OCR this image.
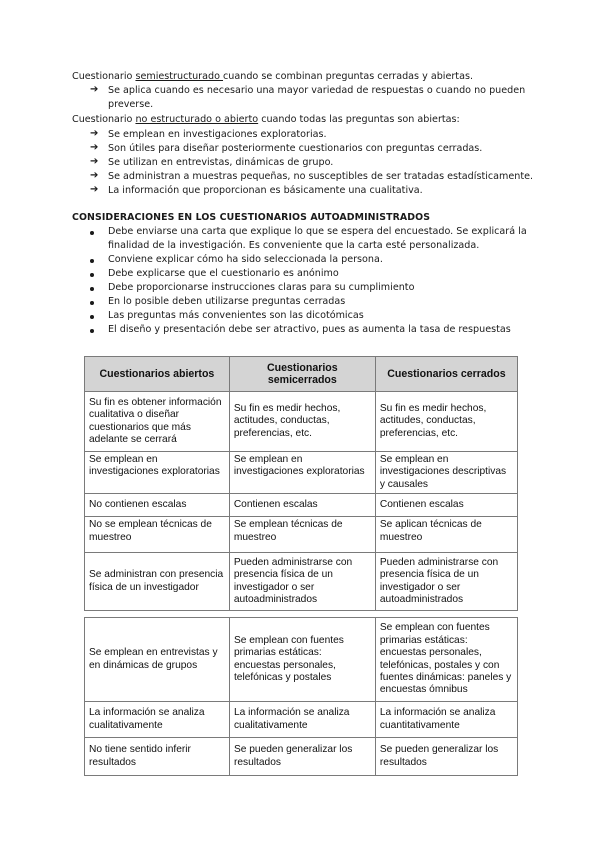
Cuestionario semiestructurado cuando se combinan preguntas cerradas y abiertas.
➔ Se aplica cuando es necesario una mayor variedad de respuestas o cuando no pueden
preverse.
Cuestionario no estructurado o abierto cuando todas las preguntas son abiertas:
➔ Se emplean en investigaciones exploratorias.
➔ Son útiles para diseñar posteriormente cuestionarios con preguntas cerradas.
➔ Se utilizan en entrevistas, dinámicas de grupo.
➔ Se administran a muestras pequeñas, no susceptibles de ser tratadas estadísticamente.
➔ La información que proporcionan es básicamente una cualitativa.
CONSIDERACIONES EN LOS CUESTIONARIOS AUTOADMINISTRADOS
Debe enviarse una carta que explique lo que se espera del encuestado. Se explicará la
finalidad de la investigación. Es conveniente que la carta esté personalizada.
Conviene explicar cómo ha sido seleccionada la persona.
Debe explicarse que el cuestionario es anónimo
Debe proporcionarse instrucciones claras para su cumplimiento
En lo posible deben utilizarse preguntas cerradas
Las preguntas más convenientes son las dicotómicas
El diseño y presentación debe ser atractivo, pues as aumenta la tasa de respuestas
Cuestionarios abiertos	Cuestionarios semicerrados	Cuestionarios cerrados
Su fin es obtener información cualitativa o diseñar cuestionarios que más adelante se cerrará	Su fin es medir hechos, actitudes, conductas, preferencias, etc.	Su fin es medir hechos, actitudes, conductas, preferencias, etc.
Se emplean en investigaciones exploratorias	Se emplean en investigaciones exploratorias	Se emplean en investigaciones descriptivas y causales
No contienen escalas	Contienen escalas	Contienen escalas
No se emplean técnicas de muestreo	Se emplean técnicas de muestreo	Se aplican técnicas de muestreo
Se administran con presencia física de un investigador	Pueden administrarse con presencia física de un investigador o ser autoadministrados	Pueden administrarse con presencia física de un investigador o ser autoadministrados
Se emplean en entrevistas y en dinámicas de grupos	Se emplean con fuentes primarias estáticas: encuestas personales, telefónicas y postales	Se emplean con fuentes primarias estáticas: encuestas personales, telefónicas, postales y con fuentes dinámicas: paneles y encuestas ómnibus
La información se analiza cualitativamente	La información se analiza cualitativamente	La información se analiza cuantitativamente
No tiene sentido inferir resultados	Se pueden generalizar los resultados	Se pueden generalizar los resultados
